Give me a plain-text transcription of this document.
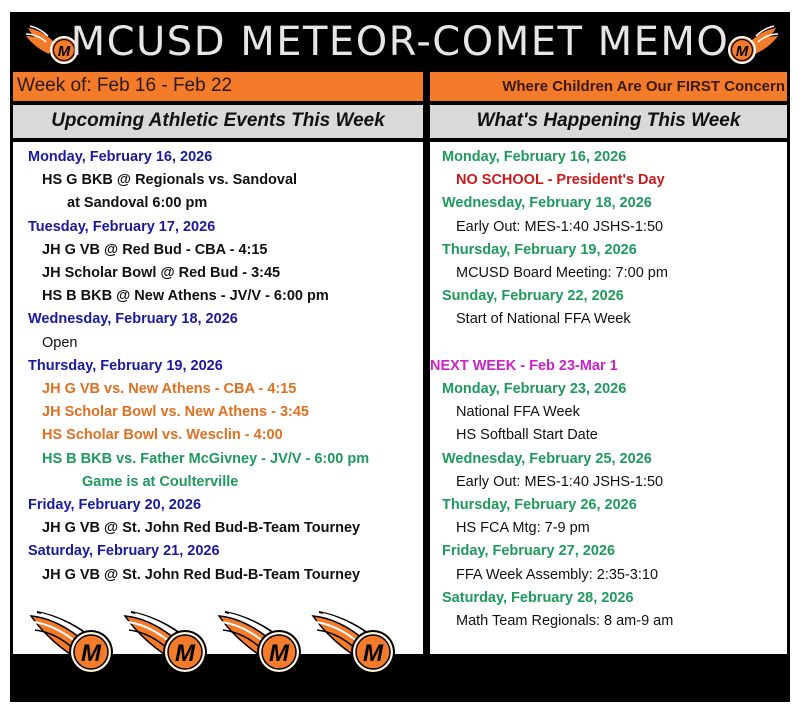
M MCUSD METEOR-COMET MEMO M
Week of: Feb 16 - Feb 22	Where Children Are Our FIRST Concern
Upcoming Athletic Events This Week	What's Happening This Week
Monday, February 16, 2026
HS G BKB @ Regionals vs. Sandoval
at Sandoval 6:00 pm
Tuesday, February 17, 2026
JH G VB @ Red Bud - CBA - 4:15
JH Scholar Bowl @ Red Bud - 3:45
HS B BKB @ New Athens - JV/V - 6:00 pm
Wednesday, February 18, 2026
Open
Thursday, February 19, 2026
JH G VB vs. New Athens - CBA - 4:15
JH Scholar Bowl vs. New Athens - 3:45
HS Scholar Bowl vs. Wesclin - 4:00
HS B BKB vs. Father McGivney - JV/V - 6:00 pm
Game is at Coulterville
Friday, February 20, 2026
JH G VB @ St. John Red Bud-B-Team Tourney
Saturday, February 21, 2026
JH G VB @ St. John Red Bud-B-Team Tourney
M	M	M	M
Monday, February 16, 2026
NO SCHOOL - President's Day
Wednesday, February 18, 2026
Early Out: MES-1:40 JSHS-1:50
Thursday, February 19, 2026
MCUSD Board Meeting: 7:00 pm
Sunday, February 22, 2026
Start of National FFA Week
NEXT WEEK - Feb 23-Mar 1
Monday, February 23, 2026
National FFA Week
HS Softball Start Date
Wednesday, February 25, 2026
Early Out: MES-1:40 JSHS-1:50
Thursday, February 26, 2026
HS FCA Mtg: 7-9 pm
Friday, February 27, 2026
FFA Week Assembly: 2:35-3:10
Saturday, February 28, 2026
Math Team Regionals: 8 am-9 am
